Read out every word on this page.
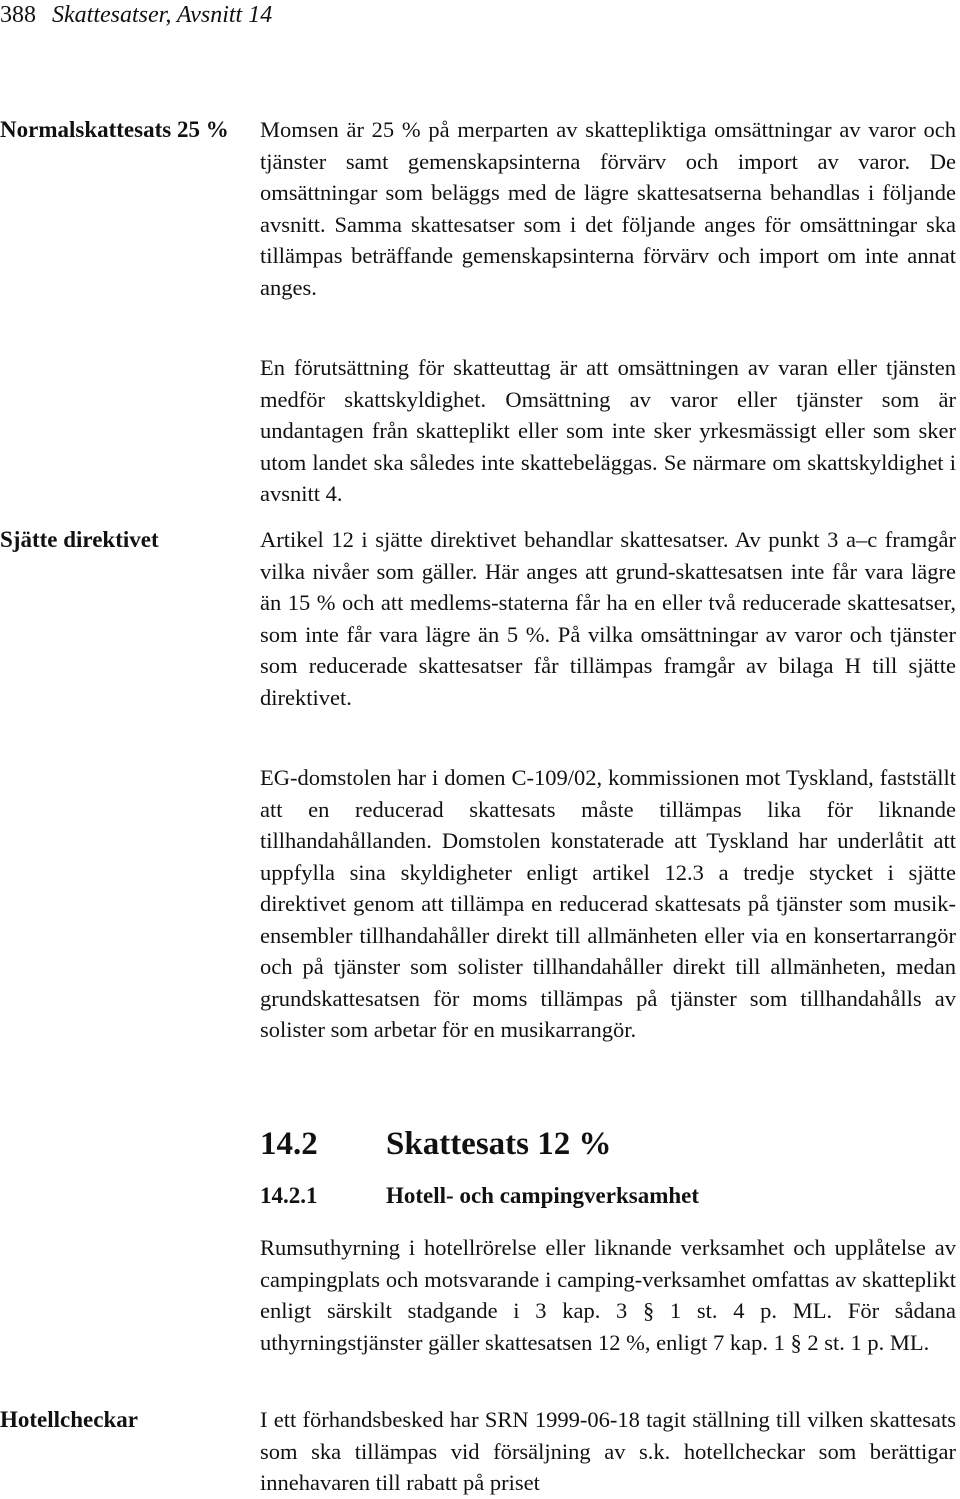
388 Skattesatser, Avsnitt 14
Normalskattesats 25 %
Sjätte direktivet
Hotellcheckar

Momsen är 25 % på merparten av skattepliktiga omsättningar av varor och tjänster samt gemenskapsinterna förvärv och import av varor. De omsättningar som beläggs med de lägre skattesatserna behandlas i följande avsnitt. Samma skattesatser som i det följande anges för omsättningar ska tillämpas beträffande gemenskapsinterna förvärv och import om inte annat anges.

En förutsättning för skatteuttag är att omsättningen av varan eller tjänsten medför skattskyldighet. Omsättning av varor eller tjänster som är undantagen från skatteplikt eller som inte sker yrkesmässigt eller som sker utom landet ska således inte skattebeläggas. Se närmare om skattskyldighet i avsnitt 4.

Artikel 12 i sjätte direktivet behandlar skattesatser. Av punkt 3 a–c framgår vilka nivåer som gäller. Här anges att grund-skattesatsen inte får vara lägre än 15 % och att medlems-staterna får ha en eller två reducerade skattesatser, som inte får vara lägre än 5 %. På vilka omsättningar av varor och tjänster som reducerade skattesatser får tillämpas framgår av bilaga H till sjätte direktivet.

EG-domstolen har i domen C-109/02, kommissionen mot Tyskland, fastställt att en reducerad skattesats måste tillämpas lika för liknande tillhandahållanden. Domstolen konstaterade att Tyskland har underlåtit att uppfylla sina skyldigheter enligt artikel 12.3 a tredje stycket i sjätte direktivet genom att tillämpa en reducerad skattesats på tjänster som musik-ensembler tillhandahåller direkt till allmänheten eller via en konsertarrangör och på tjänster som solister tillhandahåller direkt till allmänheten, medan grundskattesatsen för moms tillämpas på tjänster som tillhandahålls av solister som arbetar för en musikarrangör.

14.2 Skattesats 12 %
14.2.1	Hotell- och campingverksamhet

Rumsuthyrning i hotellrörelse eller liknande verksamhet och upplåtelse av campingplats och motsvarande i camping-verksamhet omfattas av skatteplikt enligt särskilt stadgande i 3 kap. 3 § 1 st. 4 p. ML. För sådana uthyrningstjänster gäller skattesatsen 12 %, enligt 7 kap. 1 § 2 st. 1 p. ML.

I ett förhandsbesked har SRN 1999-06-18 tagit ställning till vilken skattesats som ska tillämpas vid försäljning av s.k. hotellcheckar som berättigar innehavaren till rabatt på priset
